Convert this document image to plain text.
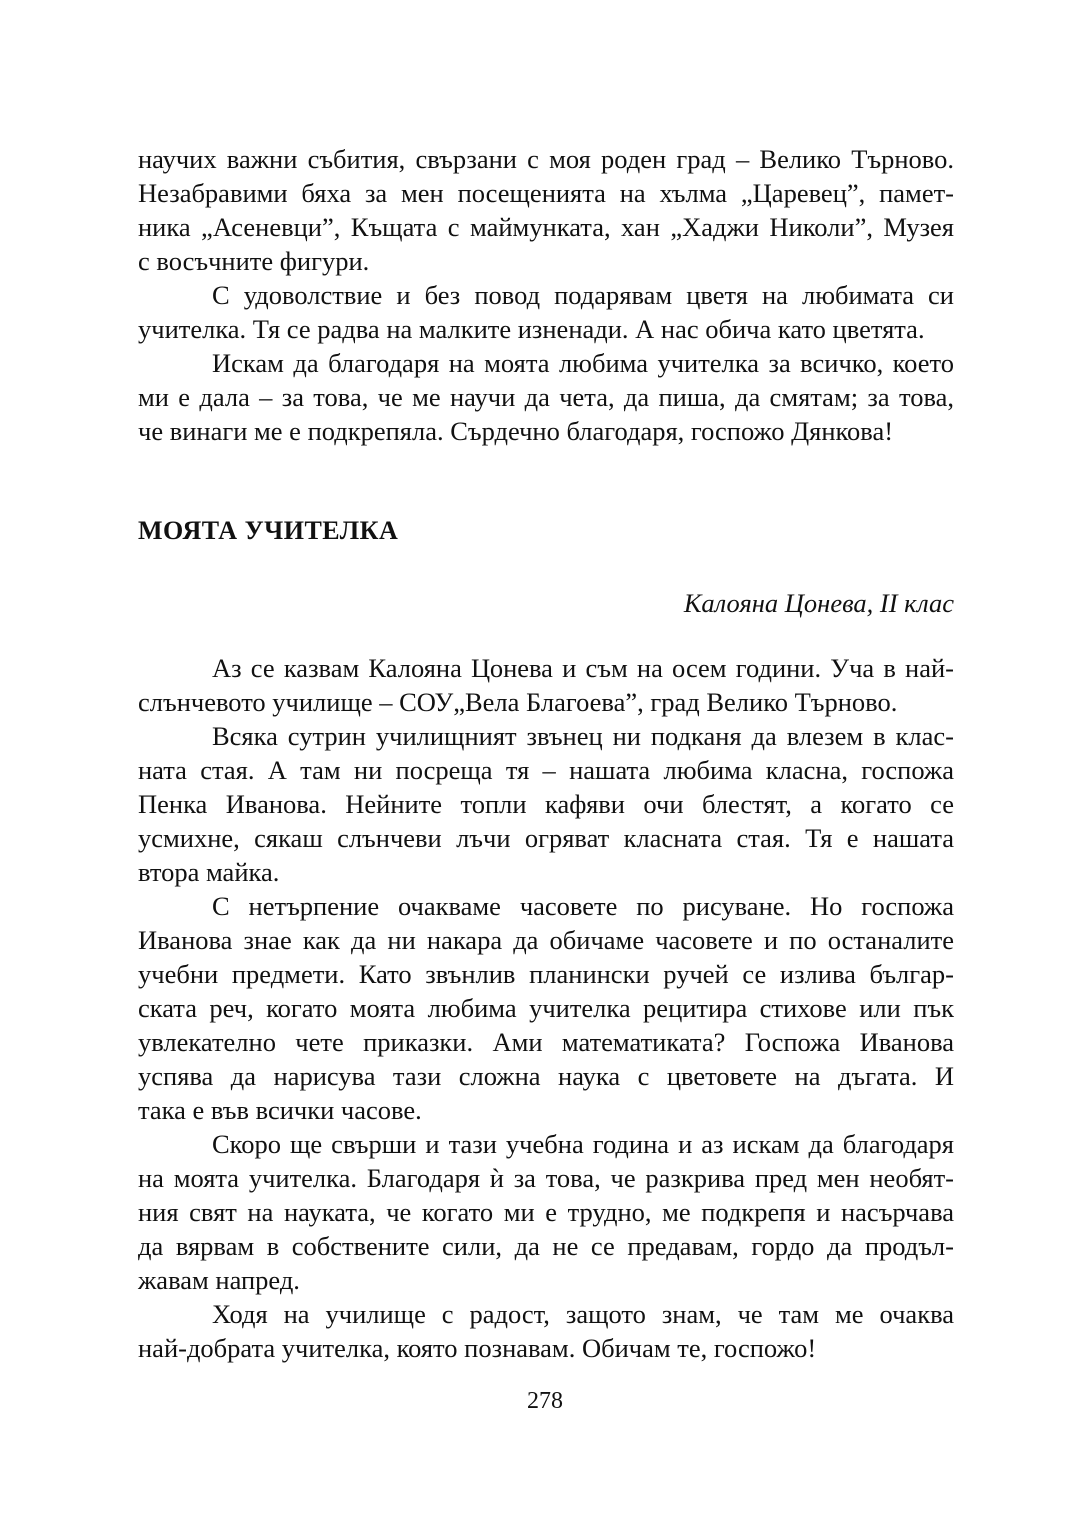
научих важни събития, свързани с моя роден град – Велико Търново.
Незабравими бяха за мен посещенията на хълма „Царевец”, памет-
ника „Асеневци”, Къщата с маймунката, хан „Хаджи Николи”, Музея
с восъчните фигури.
С удоволствие и без повод подарявам цветя на любимата си
учителка. Тя се радва на малките изненади. А нас обича като цветята.
Искам да благодаря на моята любима учителка за всичко, което
ми е дала – за това, че ме научи да чета, да пиша, да смятам; за това,
че винаги ме е подкрепяла. Сърдечно благодаря, госпожо Дянкова!
МОЯТА УЧИТЕЛКА
Калояна Цонева, II клас
Аз се казвам Калояна Цонева и съм на осем години. Уча в най-
слънчевото училище – СОУ„Вела Благоева”, град Велико Търново.
Всяка сутрин училищният звънец ни подканя да влезем в клас-
ната стая. А там ни посреща тя – нашата любима класна, госпожа
Пенка Иванова. Нейните топли кафяви очи блестят, а когато се
усмихне, сякаш слънчеви лъчи огряват класната стая. Тя е нашата
втора майка.
С нетърпение очакваме часовете по рисуване. Но госпожа
Иванова знае как да ни накара да обичаме часовете и по останалите
учебни предмети. Като звънлив планински ручей се излива българ-
ската реч, когато моята любима учителка рецитира стихове или пък
увлекателно чете приказки. Ами математиката? Госпожа Иванова
успява да нарисува тази сложна наука с цветовете на дъгата. И
така е във всички часове.
Скоро ще свърши и тази учебна година и аз искам да благодаря
на моята учителка. Благодаря ѝ за това, че разкрива пред мен необят-
ния свят на науката, че когато ми е трудно, ме подкрепя и насърчава
да вярвам в собствените сили, да не се предавам, гордо да продъл-
жавам напред.
Ходя на училище с радост, защото знам, че там ме очаква
най-добрата учителка, която познавам. Обичам те, госпожо!
278
